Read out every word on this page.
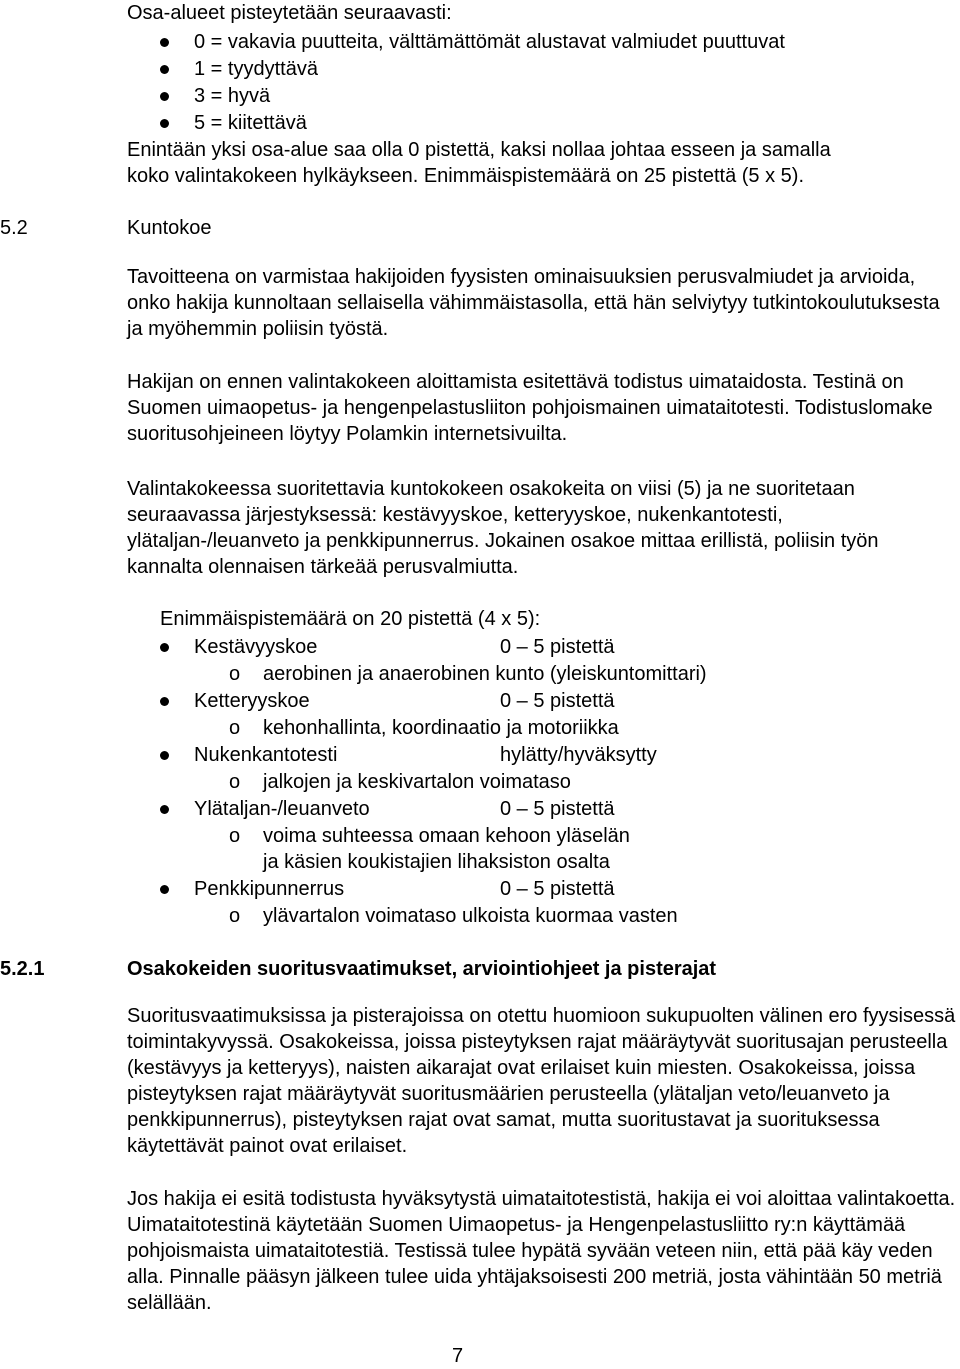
Osa-alueet pisteytetään seuraavasti:
0 = vakavia puutteita, välttämättömät alustavat valmiudet puuttuvat
1 = tyydyttävä
3 = hyvä
5 = kiitettävä
Enintään yksi osa-alue saa olla 0 pistettä, kaksi nollaa johtaa esseen ja samalla
koko valintakokeen hylkäykseen. Enimmäispistemäärä on 25 pistettä (5 x 5).
5.2	Kuntokoe

Tavoitteena on varmistaa hakijoiden fyysisten ominaisuuksien perusvalmiudet ja arvioida, onko hakija kunnoltaan sellaisella vähimmäistasolla, että hän selviytyy tutkintokoulutuksesta ja myöhemmin poliisin työstä.

Hakijan on ennen valintakokeen aloittamista esitettävä todistus uimataidosta. Testinä on Suomen uimaopetus- ja hengenpelastusliiton pohjoismainen uimataitotesti. Todistuslomake suoritusohjeineen löytyy Polamkin internetsivuilta.

Valintakokeessa suoritettavia kuntokokeen osakokeita on viisi (5) ja ne suoritetaan seuraavassa järjestyksessä: kestävyyskoe, ketteryyskoe, nukenkantotesti, ylätaljan-/leuanveto ja penkkipunnerrus. Jokainen osakoe mittaa erillistä, poliisin työn kannalta olennaisen tärkeää perusvalmiutta.

Enimmäispistemäärä on 20 pistettä (4 x 5):
Kestävyyskoe	0 – 5 pistettä
o aerobinen ja anaerobinen kunto (yleiskuntomittari)
Ketteryyskoe	0 – 5 pistettä
o kehonhallinta, koordinaatio ja motoriikka
Nukenkantotesti	hylätty/hyväksytty
o jalkojen ja keskivartalon voimataso
Ylätaljan-/leuanveto	0 – 5 pistettä
o voima suhteessa omaan kehoon yläselän
ja käsien koukistajien lihaksiston osalta
Penkkipunnerrus	0 – 5 pistettä
o ylävartalon voimataso ulkoista kuormaa vasten
5.2.1	Osakokeiden suoritusvaatimukset, arviointiohjeet ja pisterajat

Suoritusvaatimuksissa ja pisterajoissa on otettu huomioon sukupuolten välinen ero fyysisessä toimintakyvyssä. Osakokeissa, joissa pisteytyksen rajat määräytyvät suoritusajan perusteella (kestävyys ja ketteryys), naisten aikarajat ovat erilaiset kuin miesten. Osakokeissa, joissa pisteytyksen rajat määräytyvät suoritusmäärien perusteella (ylätaljan veto/leuanveto ja penkkipunnerrus), pisteytyksen rajat ovat samat, mutta suoritustavat ja suorituksessa käytettävät painot ovat erilaiset.

Jos hakija ei esitä todistusta hyväksytystä uimataitotestistä, hakija ei voi aloittaa valintakoetta. Uimataitotestinä käytetään Suomen Uimaopetus- ja Hengenpelastusliitto ry:n käyttämää pohjoismaista uimataitotestiä. Testissä tulee hypätä syvään veteen niin, että pää käy veden alla. Pinnalle pääsyn jälkeen tulee uida yhtäjaksoisesti 200 metriä, josta vähintään 50 metriä selällään.

7
